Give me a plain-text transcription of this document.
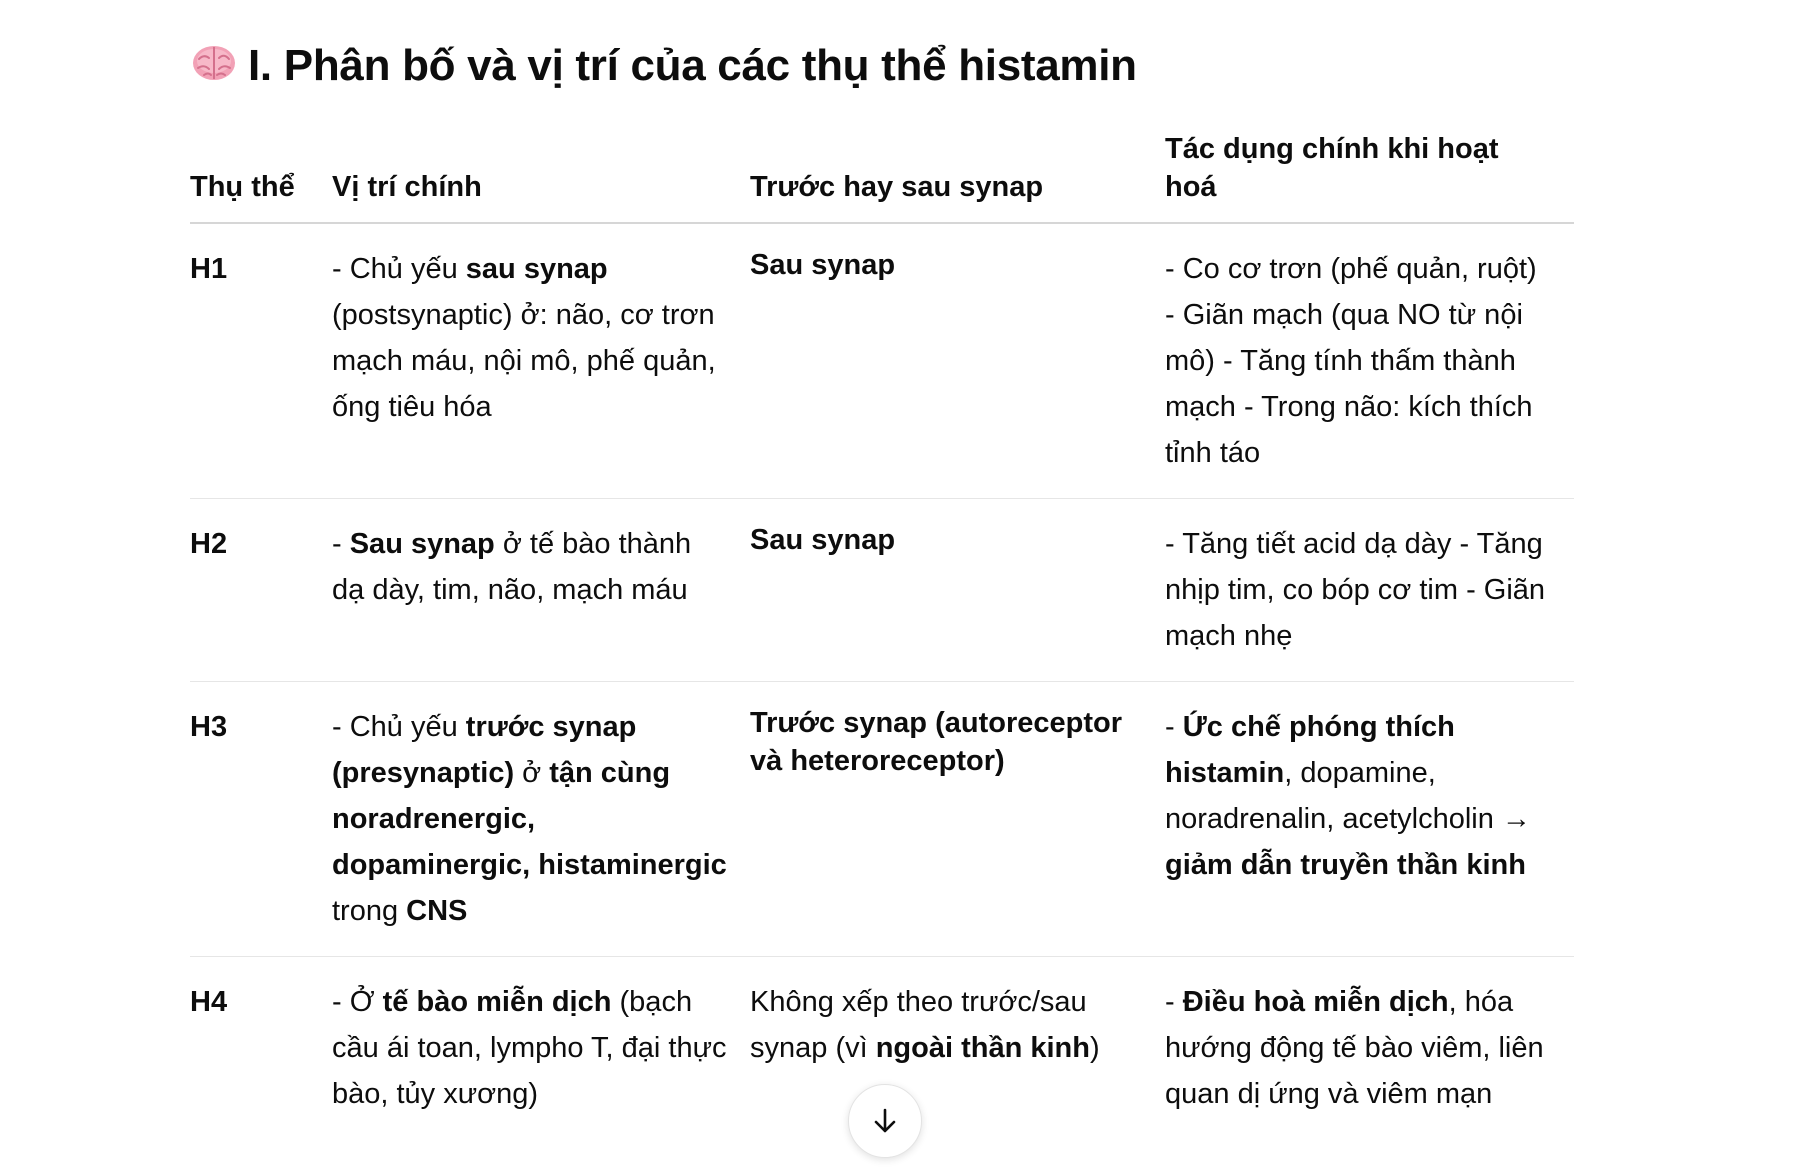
I. Phân bố và vị trí của các thụ thể histamin
Thụ thể	Vị trí chính	Trước hay sau synap	Tác dụng chính khi hoạt hoá
H1	- Chủ yếu sau synap (postsynaptic) ở: não, cơ trơn mạch máu, nội mô, phế quản, ống tiêu hóa	Sau synap	- Co cơ trơn (phế quản, ruột) - Giãn mạch (qua NO từ nội mô) - Tăng tính thấm thành mạch - Trong não: kích thích tỉnh táo
H2	- Sau synap ở tế bào thành dạ dày, tim, não, mạch máu	Sau synap	- Tăng tiết acid dạ dày - Tăng nhịp tim, co bóp cơ tim - Giãn mạch nhẹ
H3	- Chủ yếu trước synap (presynaptic) ở tận cùng noradrenergic, dopaminergic, histaminergic trong CNS	Trước synap (autoreceptor và heteroreceptor)	- Ức chế phóng thích histamin, dopamine, noradrenalin, acetylcholin → giảm dẫn truyền thần kinh
H4	- Ở tế bào miễn dịch (bạch cầu ái toan, lympho T, đại thực bào, tủy xương)	Không xếp theo trước/sau synap (vì ngoài thần kinh)	- Điều hoà miễn dịch, hóa hướng động tế bào viêm, liên quan dị ứng và viêm mạn
